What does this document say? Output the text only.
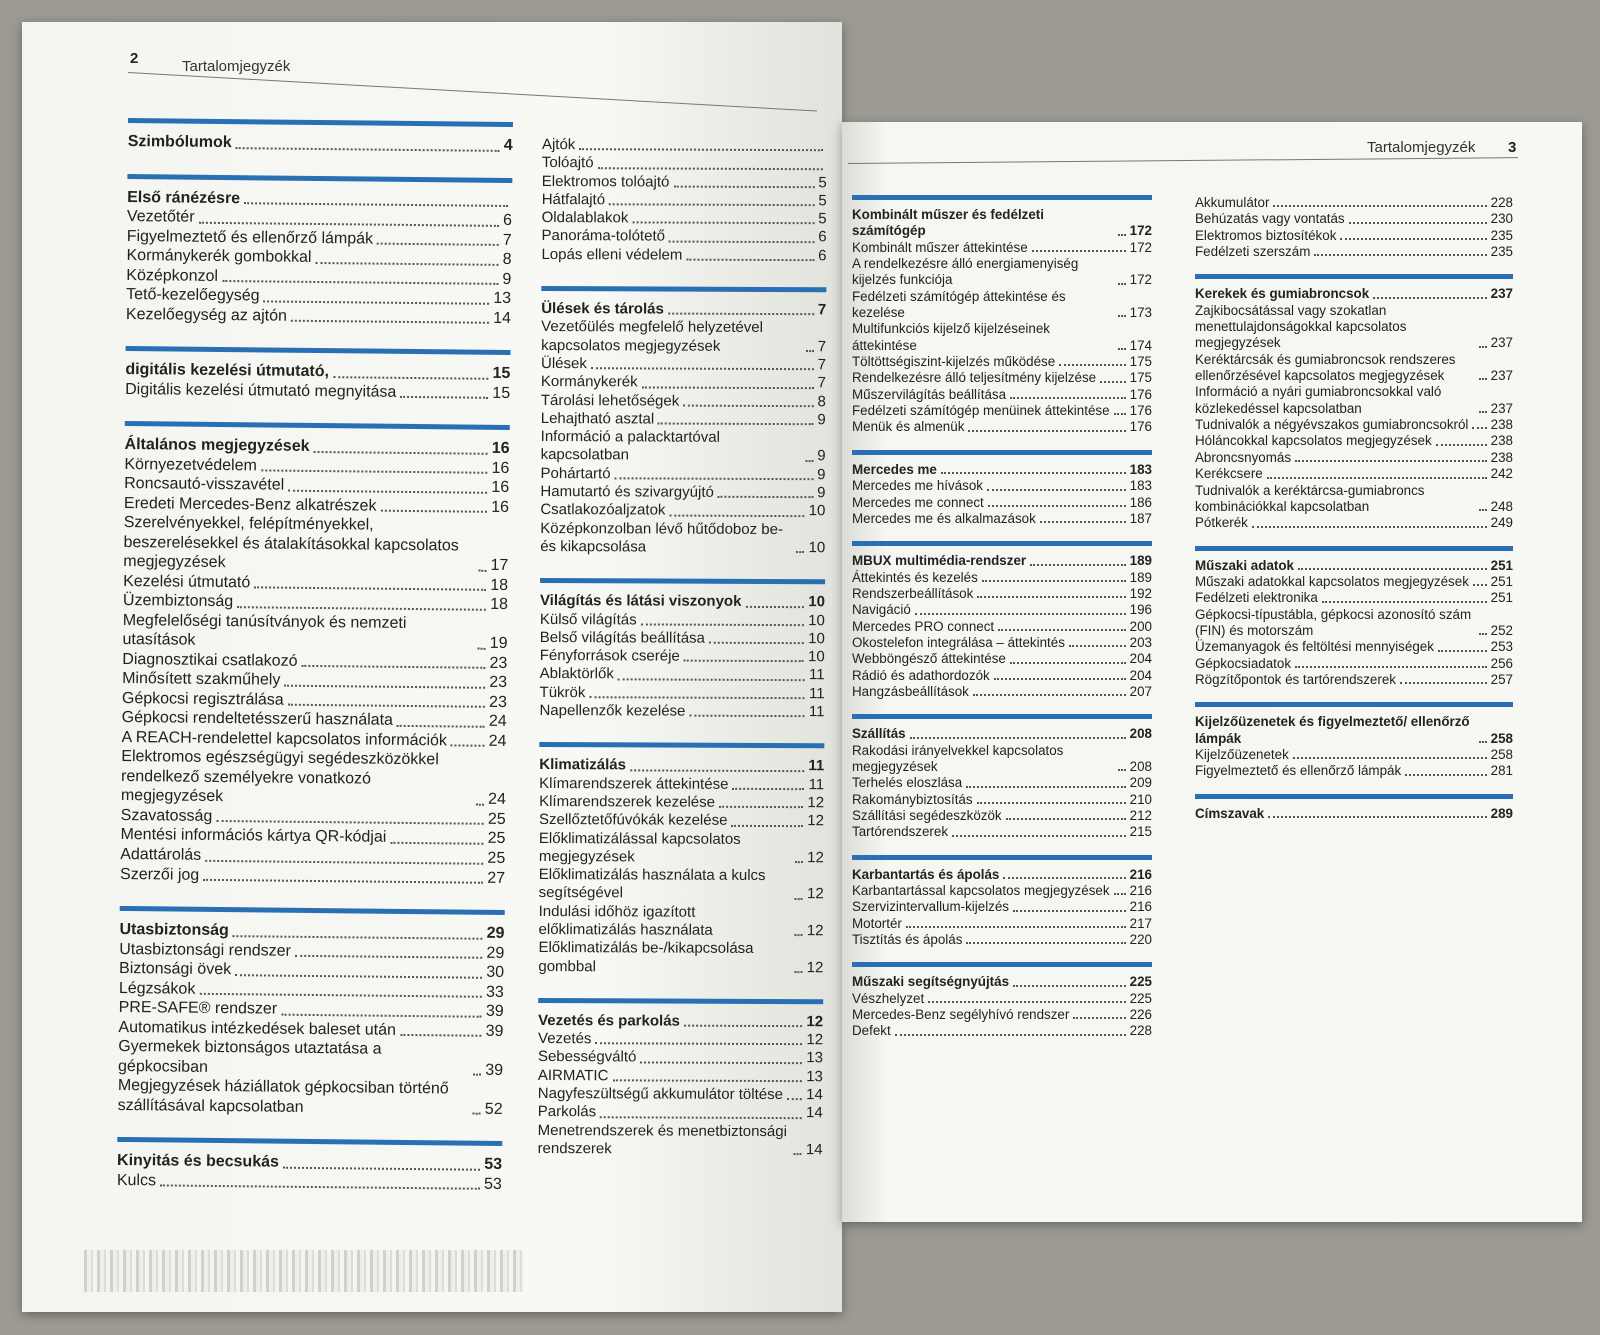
2	Tartalomjegyzék
Tartalomjegyzék 3
Szimbólumok	4
Első ránézésre
Vezetőtér	6
Figyelmeztető és ellenőrző lámpák	7
Kormánykerék gombokkal	8
Középkonzol	9
Tető-kezelőegység	13
Kezelőegység az ajtón	14
digitális kezelési útmutató,	15
Digitális kezelési útmutató megnyitása	15
Általános megjegyzések	16
Környezetvédelem	16
Roncsautó-visszavétel	16
Eredeti Mercedes-Benz alkatrészek	16
Szerelvényekkel, felépítményekkel, beszerelésekkel és átalakításokkal kapcsolatos megjegyzések	17
Kezelési útmutató	18
Üzembiztonság	18
Megfelelőségi tanúsítványok és nemzeti utasítások	19
Diagnosztikai csatlakozó	23
Minősített szakműhely	23
Gépkocsi regisztrálása	23
Gépkocsi rendeltetésszerű használata	24
A REACH-rendelettel kapcsolatos információk	24
Elektromos egészségügyi segédeszközökkel rendelkező személyekre vonatkozó megjegyzések	24
Szavatosság	25
Mentési információs kártya QR-kódjai	25
Adattárolás	25
Szerzői jog	27
Utasbiztonság	29
Utasbiztonsági rendszer	29
Biztonsági övek	30
Légzsákok	33
PRE-SAFE® rendszer	39
Automatikus intézkedések baleset után	39
Gyermekek biztonságos utaztatása a gépkocsiban	39
Megjegyzések háziállatok gépkocsiban történő szállításával kapcsolatban	52
Kinyitás és becsukás	53
Kulcs	53
Ajtók
Tolóajtó
Elektromos tolóajtó	5
Hátfalajtó	5
Oldalablakok	5
Panoráma-tolótető	6
Lopás elleni védelem	6
Ülések és tárolás	7
Vezetőülés megfelelő helyzetével kapcsolatos megjegyzések	7
Ülések	7
Kormánykerék	7
Tárolási lehetőségek	8
Lehajtható asztal	9
Információ a palacktartóval kapcsolatban	9
Pohártartó	9
Hamutartó és szivargyújtó	9
Csatlakozóaljzatok	10
Középkonzolban lévő hűtődoboz be- és kikapcsolása	10
Világítás és látási viszonyok	10
Külső világítás	10
Belső világítás beállítása	10
Fényforrások cseréje	10
Ablaktörlők	11
Tükrök	11
Napellenzők kezelése	11
Klimatizálás	11
Klímarendszerek áttekintése	11
Klímarendszerek kezelése	12
Szellőztetőfúvókák kezelése	12
Előklimatizálással kapcsolatos megjegyzések	12
Előklimatizálás használata a kulcs segítségével	12
Indulási időhöz igazított előklimatizálás használata	12
Előklimatizálás be-/kikapcsolása gombbal	12
Vezetés és parkolás	12
Vezetés	12
Sebességváltó	13
AIRMATIC	13
Nagyfeszültségű akkumulátor töltése 14
Parkolás	14
Menetrendszerek és menetbiztonsági rendszerek	14
Kombinált műszer és fedélzeti számítógép	172
Kombinált műszer áttekintése	172
A rendelkezésre álló energiamenyiség kijelzés funkciója	172
Fedélzeti számítógép áttekintése és kezelése	173
Multifunkciós kijelző kijelzéseinek áttekintése	174
Töltöttségiszint-kijelzés működése	175
Rendelkezésre álló teljesítmény kijelzése	175
Műszervilágítás beállítása	176
Fedélzeti számítógép menüinek áttekintése 176
Menük és almenük	176
Mercedes me	183
Mercedes me hívások	183
Mercedes me connect	186
Mercedes me és alkalmazások	187
MBUX multimédia-rendszer	189
Áttekintés és kezelés	189
Rendszerbeállítások	192
Navigáció	196
Mercedes PRO connect	200
Okostelefon integrálása – áttekintés	203
Webböngésző áttekintése	204
Rádió és adathordozók	204
Hangzásbeállítások	207
Szállítás	208
Rakodási irányelvekkel kapcsolatos megjegyzések	208
Terhelés eloszlása	209
Rakománybiztosítás	210
Szállítási segédeszközök	212
Tartórendszerek	215
Karbantartás és ápolás	216
Karbantartással kapcsolatos megjegyzések 216
Szervizintervallum-kijelzés	216
Motortér	217
Tisztítás és ápolás	220
Műszaki segítségnyújtás	225
Vészhelyzet	225
Mercedes-Benz segélyhívó rendszer	226
Defekt	228
Akkumulátor	228
Behúzatás vagy vontatás	230
Elektromos biztosítékok	235
Fedélzeti szerszám	235
Kerekek és gumiabroncsok	237
Zajkibocsátással vagy szokatlan menettulajdonságokkal kapcsolatos megjegyzések	237
Keréktárcsák és gumiabroncsok rendszeres ellenőrzésével kapcsolatos megjegyzések	237
Információ a nyári gumiabroncsokkal való közlekedéssel kapcsolatban	237
Tudnivalók a négyévszakos gumiabroncsokról 238
Hóláncokkal kapcsolatos megjegyzések	238
Abroncsnyomás	238
Kerékcsere	242
Tudnivalók a keréktárcsa-gumiabroncs kombinációkkal kapcsolatban	248
Pótkerék	249
Műszaki adatok	251
Műszaki adatokkal kapcsolatos megjegyzések 251
Fedélzeti elektronika	251
Gépkocsi-típustábla, gépkocsi azonosító szám (FIN) és motorszám	252
Üzemanyagok és feltöltési mennyiségek	253
Gépkocsiadatok	256
Rögzítőpontok és tartórendszerek	257
Kijelzőüzenetek és figyelmeztető/ ellenőrző lámpák	258
Kijelzőüzenetek	258
Figyelmeztető és ellenőrző lámpák	281
Címszavak	289
